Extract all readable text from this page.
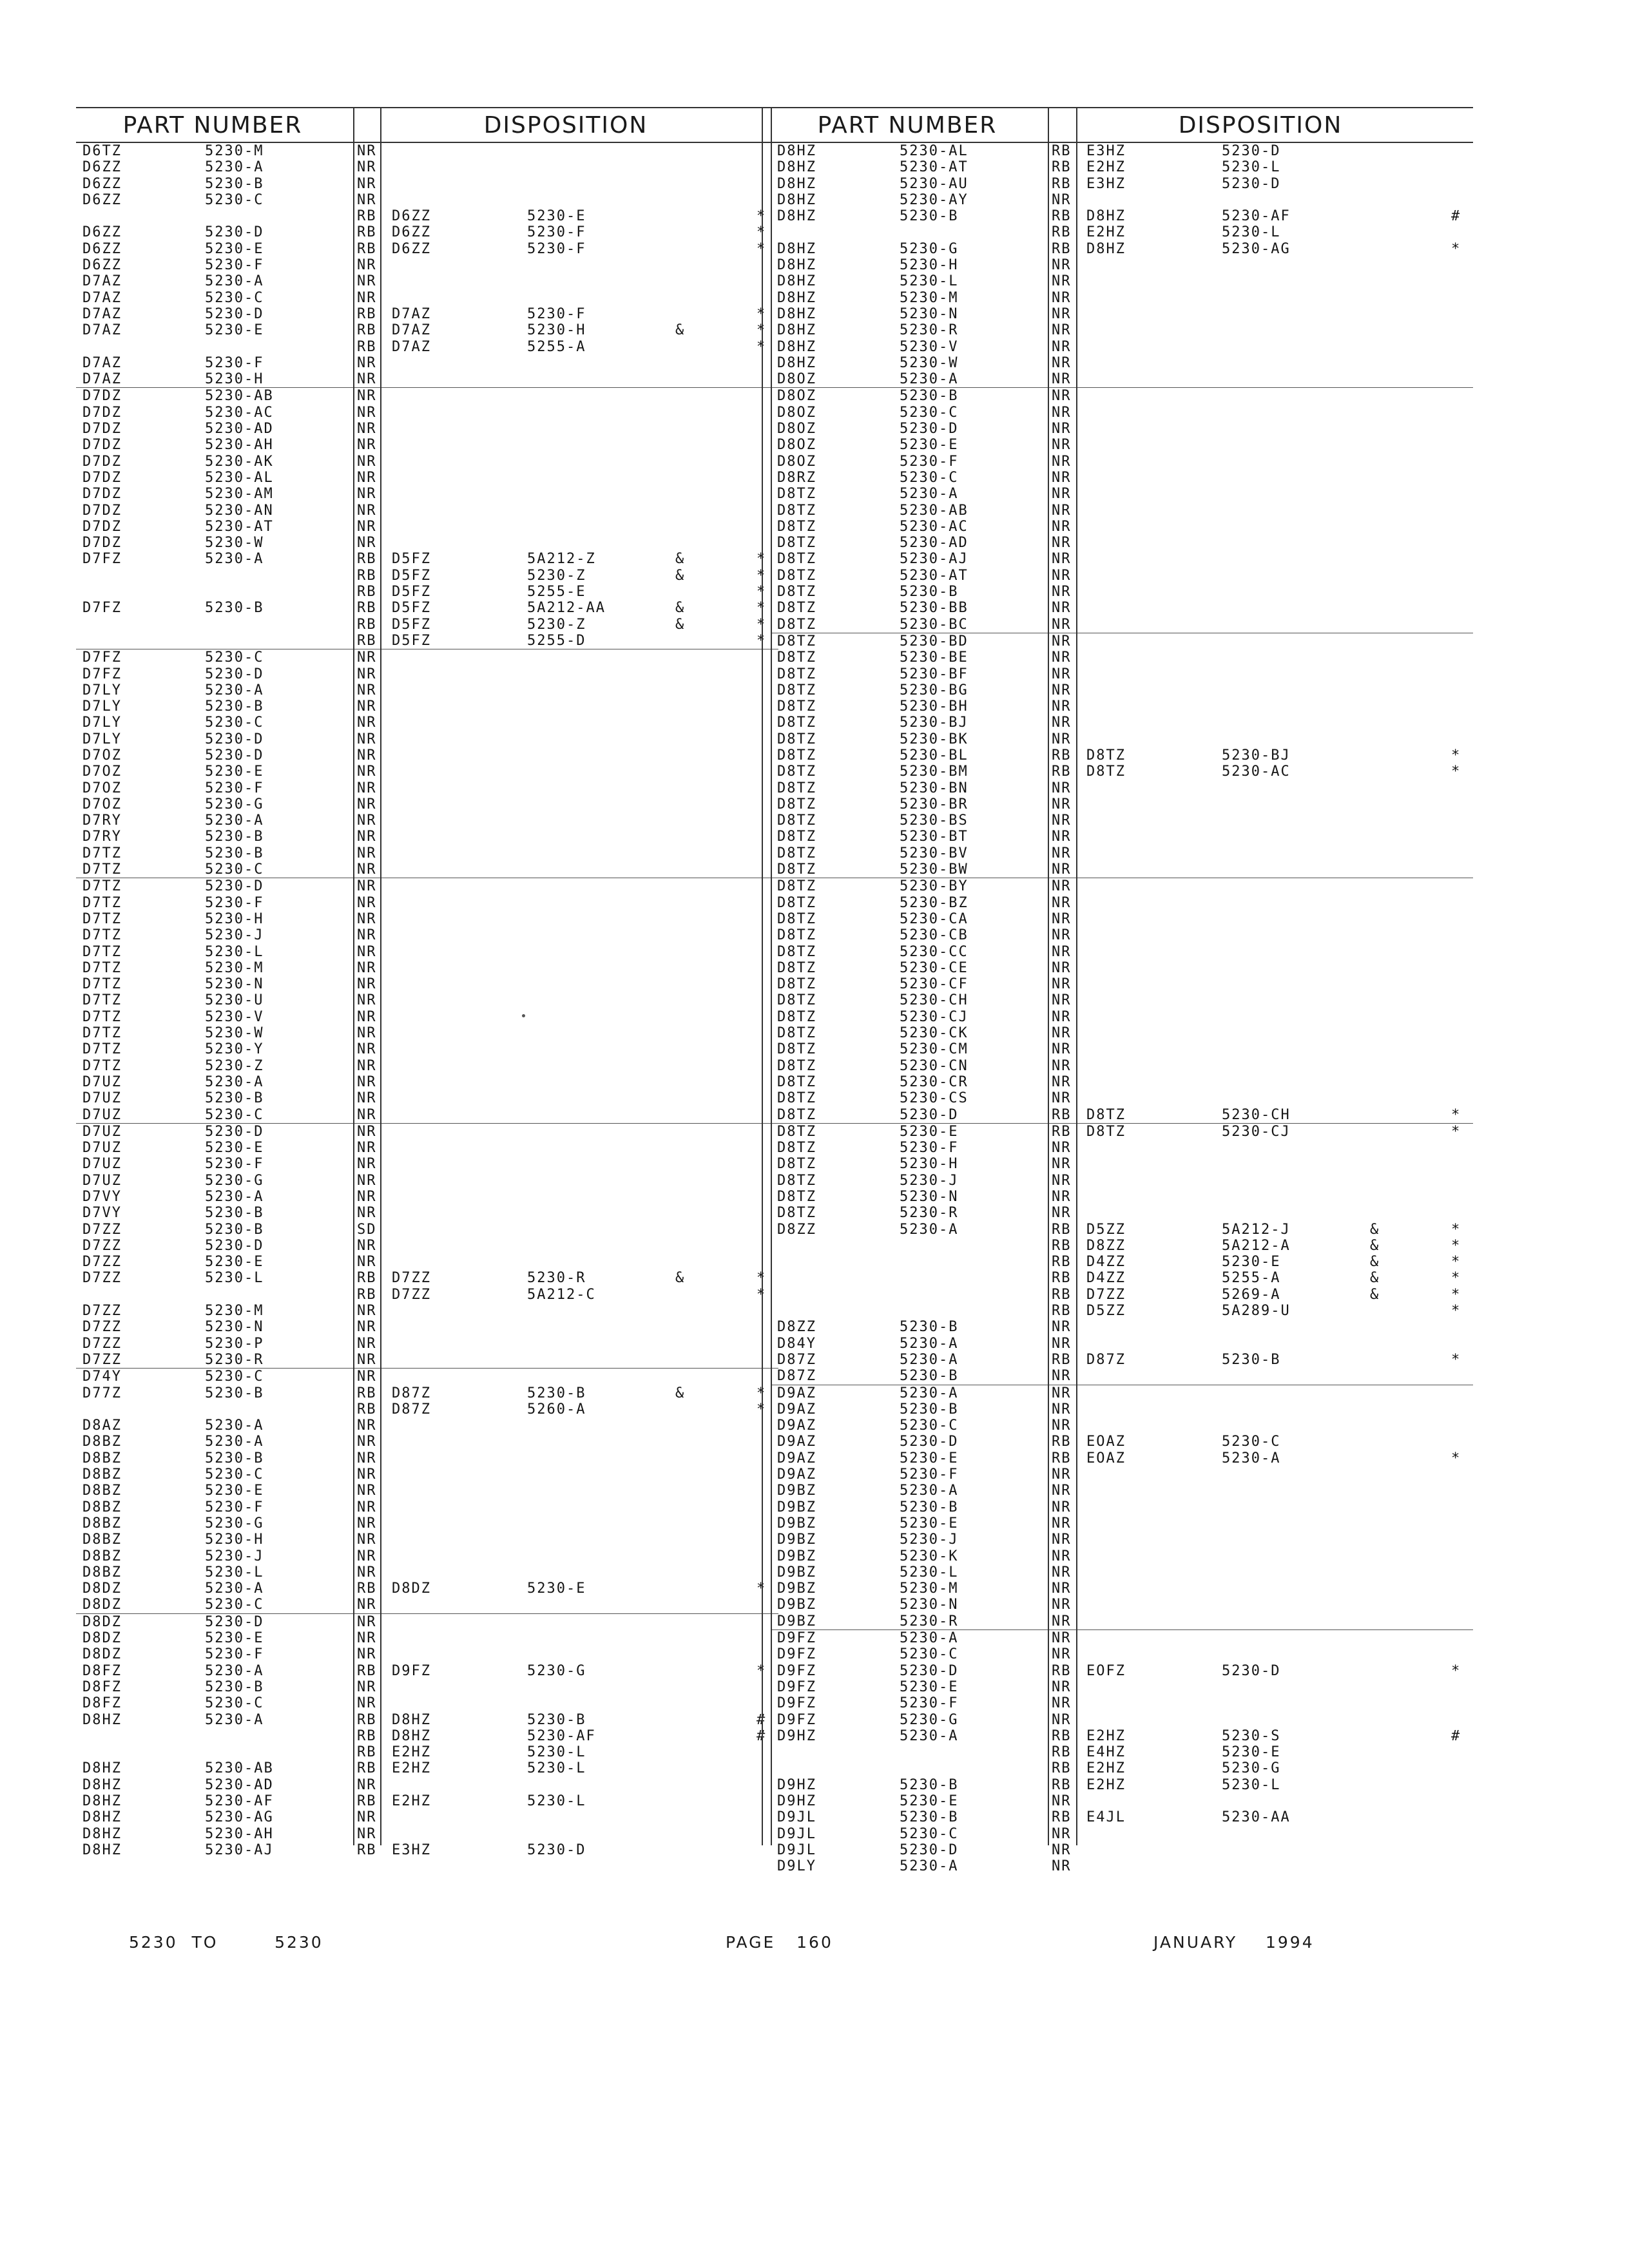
PART NUMBER	DISPOSITION
D6TZ	5230-M	NR
D6ZZ	5230-A	NR
D6ZZ	5230-B	NR
D6ZZ	5230-C	NR
RB	D6ZZ	5230-E	*
D6ZZ	5230-D	RB	D6ZZ	5230-F	*
D6ZZ	5230-E	RB	D6ZZ	5230-F	*
D6ZZ	5230-F	NR
D7AZ	5230-A	NR
D7AZ	5230-C	NR
D7AZ	5230-D	RB	D7AZ	5230-F	*
D7AZ	5230-E	RB	D7AZ	5230-H	&	*
RB	D7AZ	5255-A	*
D7AZ	5230-F	NR
D7AZ	5230-H	NR
D7DZ	5230-AB	NR
D7DZ	5230-AC	NR
D7DZ	5230-AD	NR
D7DZ	5230-AH	NR
D7DZ	5230-AK	NR
D7DZ	5230-AL	NR
D7DZ	5230-AM	NR
D7DZ	5230-AN	NR
D7DZ	5230-AT	NR
D7DZ	5230-W	NR
D7FZ	5230-A	RB	D5FZ	5A212-Z	&	*
RB	D5FZ	5230-Z	&	*
RB	D5FZ	5255-E	*
D7FZ	5230-B	RB	D5FZ	5A212-AA	&	*
RB	D5FZ	5230-Z	&	*
RB	D5FZ	5255-D	*
D7FZ	5230-C	NR
D7FZ	5230-D	NR
D7LY	5230-A	NR
D7LY	5230-B	NR
D7LY	5230-C	NR
D7LY	5230-D	NR
D7OZ	5230-D	NR
D7OZ	5230-E	NR
D7OZ	5230-F	NR
D7OZ	5230-G	NR
D7RY	5230-A	NR
D7RY	5230-B	NR
D7TZ	5230-B	NR
D7TZ	5230-C	NR
D7TZ	5230-D	NR
D7TZ	5230-F	NR
D7TZ	5230-H	NR
D7TZ	5230-J	NR
D7TZ	5230-L	NR
D7TZ	5230-M	NR
D7TZ	5230-N	NR
D7TZ	5230-U	NR
D7TZ	5230-V	NR
D7TZ	5230-W	NR
D7TZ	5230-Y	NR
D7TZ	5230-Z	NR
D7UZ	5230-A	NR
D7UZ	5230-B	NR
D7UZ	5230-C	NR
D7UZ	5230-D	NR
D7UZ	5230-E	NR
D7UZ	5230-F	NR
D7UZ	5230-G	NR
D7VY	5230-A	NR
D7VY	5230-B	NR
D7ZZ	5230-B	SD
D7ZZ	5230-D	NR
D7ZZ	5230-E	NR
D7ZZ	5230-L	RB	D7ZZ	5230-R	&	*
RB	D7ZZ	5A212-C	*
D7ZZ	5230-M	NR
D7ZZ	5230-N	NR
D7ZZ	5230-P	NR
D7ZZ	5230-R	NR
D74Y	5230-C	NR
D77Z	5230-B	RB	D87Z	5230-B	&	*
RB	D87Z	5260-A	*
D8AZ	5230-A	NR
D8BZ	5230-A	NR
D8BZ	5230-B	NR
D8BZ	5230-C	NR
D8BZ	5230-E	NR
D8BZ	5230-F	NR
D8BZ	5230-G	NR
D8BZ	5230-H	NR
D8BZ	5230-J	NR
D8BZ	5230-L	NR
D8DZ	5230-A	RB	D8DZ	5230-E	*
D8DZ	5230-C	NR
D8DZ	5230-D	NR
D8DZ	5230-E	NR
D8DZ	5230-F	NR
D8FZ	5230-A	RB	D9FZ	5230-G	*
D8FZ	5230-B	NR
D8FZ	5230-C	NR
D8HZ	5230-A	RB	D8HZ	5230-B	#
RB	D8HZ	5230-AF	#
RB	E2HZ	5230-L
D8HZ	5230-AB	RB	E2HZ	5230-L
D8HZ	5230-AD	NR
D8HZ	5230-AF	RB	E2HZ	5230-L
D8HZ	5230-AG	NR
D8HZ	5230-AH	NR
D8HZ	5230-AJ	RB	E3HZ	5230-D
PART NUMBER	DISPOSITION
D8HZ	5230-AL	RB	E3HZ	5230-D
D8HZ	5230-AT	RB	E2HZ	5230-L
D8HZ	5230-AU	RB	E3HZ	5230-D
D8HZ	5230-AY	NR
D8HZ	5230-B	RB	D8HZ	5230-AF	#
RB	E2HZ	5230-L
D8HZ	5230-G	RB	D8HZ	5230-AG	*
D8HZ	5230-H	NR
D8HZ	5230-L	NR
D8HZ	5230-M	NR
D8HZ	5230-N	NR
D8HZ	5230-R	NR
D8HZ	5230-V	NR
D8HZ	5230-W	NR
D8OZ	5230-A	NR
D8OZ	5230-B	NR
D8OZ	5230-C	NR
D8OZ	5230-D	NR
D8OZ	5230-E	NR
D8OZ	5230-F	NR
D8RZ	5230-C	NR
D8TZ	5230-A	NR
D8TZ	5230-AB	NR
D8TZ	5230-AC	NR
D8TZ	5230-AD	NR
D8TZ	5230-AJ	NR
D8TZ	5230-AT	NR
D8TZ	5230-B	NR
D8TZ	5230-BB	NR
D8TZ	5230-BC	NR
D8TZ	5230-BD	NR
D8TZ	5230-BE	NR
D8TZ	5230-BF	NR
D8TZ	5230-BG	NR
D8TZ	5230-BH	NR
D8TZ	5230-BJ	NR
D8TZ	5230-BK	NR
D8TZ	5230-BL	RB	D8TZ	5230-BJ	*
D8TZ	5230-BM	RB	D8TZ	5230-AC	*
D8TZ	5230-BN	NR
D8TZ	5230-BR	NR
D8TZ	5230-BS	NR
D8TZ	5230-BT	NR
D8TZ	5230-BV	NR
D8TZ	5230-BW	NR
D8TZ	5230-BY	NR
D8TZ	5230-BZ	NR
D8TZ	5230-CA	NR
D8TZ	5230-CB	NR
D8TZ	5230-CC	NR
D8TZ	5230-CE	NR
D8TZ	5230-CF	NR
D8TZ	5230-CH	NR
D8TZ	5230-CJ	NR
D8TZ	5230-CK	NR
D8TZ	5230-CM	NR
D8TZ	5230-CN	NR
D8TZ	5230-CR	NR
D8TZ	5230-CS	NR
D8TZ	5230-D	RB	D8TZ	5230-CH	*
D8TZ	5230-E	RB	D8TZ	5230-CJ	*
D8TZ	5230-F	NR
D8TZ	5230-H	NR
D8TZ	5230-J	NR
D8TZ	5230-N	NR
D8TZ	5230-R	NR
D8ZZ	5230-A	RB	D5ZZ	5A212-J	&	*
RB	D8ZZ	5A212-A	&	*
RB	D4ZZ	5230-E	&	*
RB	D4ZZ	5255-A	&	*
RB	D7ZZ	5269-A	&	*
RB	D5ZZ	5A289-U	*
D8ZZ	5230-B	NR
D84Y	5230-A	NR
D87Z	5230-A	RB	D87Z	5230-B	*
D87Z	5230-B	NR
D9AZ	5230-A	NR
D9AZ	5230-B	NR
D9AZ	5230-C	NR
D9AZ	5230-D	RB	EOAZ	5230-C
D9AZ	5230-E	RB	EOAZ	5230-A	*
D9AZ	5230-F	NR
D9BZ	5230-A	NR
D9BZ	5230-B	NR
D9BZ	5230-E	NR
D9BZ	5230-J	NR
D9BZ	5230-K	NR
D9BZ	5230-L	NR
D9BZ	5230-M	NR
D9BZ	5230-N	NR
D9BZ	5230-R	NR
D9FZ	5230-A	NR
D9FZ	5230-C	NR
D9FZ	5230-D	RB	EOFZ	5230-D	*
D9FZ	5230-E	NR
D9FZ	5230-F	NR
D9FZ	5230-G	NR
D9HZ	5230-A	RB	E2HZ	5230-S	#
RB	E4HZ	5230-E
RB	E2HZ	5230-G
D9HZ	5230-B	RB	E2HZ	5230-L
D9HZ	5230-E	NR
D9JL	5230-B	RB	E4JL	5230-AA
D9JL	5230-C	NR
D9JL	5230-D	NR
D9LY	5230-A	NR
5230 TO	5230	PAGE 160	JANUARY 1994
